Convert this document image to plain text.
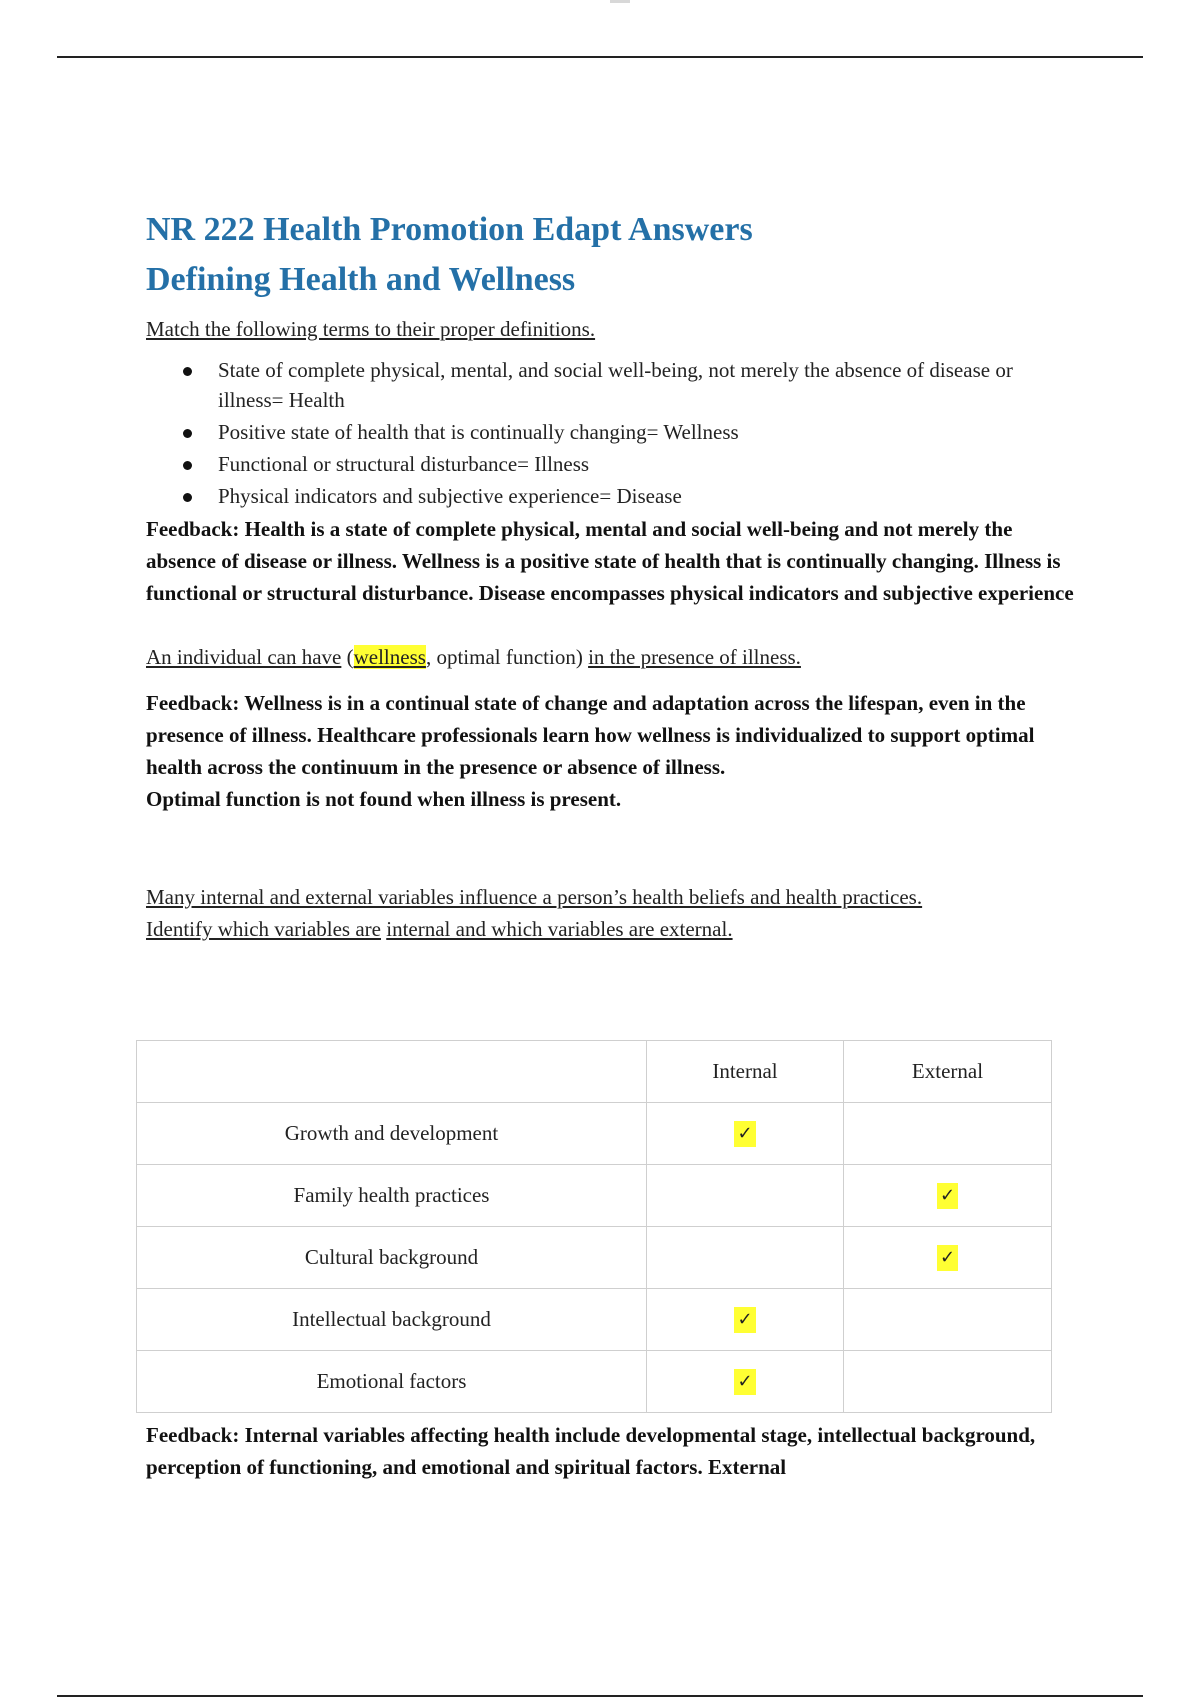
NR 222 Health Promotion Edapt Answers
Defining Health and Wellness

Match the following terms to their proper definitions.

State of complete physical, mental, and social well-being, not merely the absence of disease or illness= Health
Positive state of health that is continually changing= Wellness
Functional or structural disturbance= Illness
Physical indicators and subjective experience= Disease

Feedback: Health is a state of complete physical, mental and social well-being and not merely the absence of disease or illness. Wellness is a positive state of health that is continually changing. Illness is functional or structural disturbance. Disease encompasses physical indicators and subjective experience

An individual can have (wellness, optimal function) in the presence of illness.

Feedback: Wellness is in a continual state of change and adaptation across the lifespan, even in the presence of illness. Healthcare professionals learn how wellness is individualized to support optimal health across the continuum in the presence or absence of illness.

Optimal function is not found when illness is present.

Many internal and external variables influence a person’s health beliefs and health practices.

Identify which variables are internal and which variables are external.

	Internal	External
Growth and development	✓	
Family health practices		✓
Cultural background		✓
Intellectual background	✓	
Emotional factors	✓	

Feedback: Internal variables affecting health include developmental stage, intellectual background, perception of functioning, and emotional and spiritual factors. External
